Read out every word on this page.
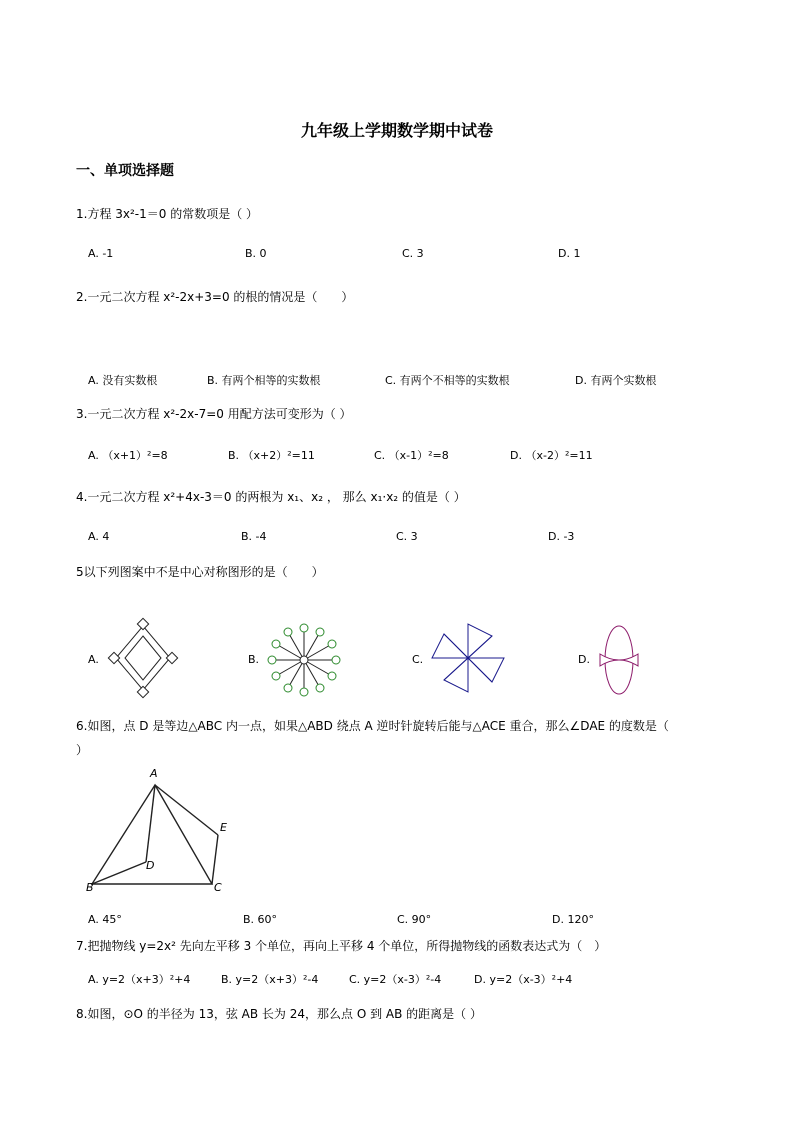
九年级上学期数学期中试卷
一、单项选择题
1.方程 3x²-1＝0 的常数项是（ ）
A. -1	B. 0	C. 3	D. 1
2.一元二次方程 x²-2x+3=0 的根的情况是（　　）
A. 没有实数根	B. 有两个相等的实数根	C. 有两个不相等的实数根	D. 有两个实数根
3.一元二次方程 x²-2x-7=0 用配方法可变形为（ ）
A. （x+1）²=8	B. （x+2）²=11	C. （x-1）²=8	D. （x-2）²=11
4.一元二次方程 x²+4x-3＝0 的两根为 x₁、x₂ ， 那么 x₁·x₂ 的值是（ ）
A. 4	B. -4	C. 3	D. -3
5以下列图案中不是中心对称图形的是（　　）
A.	B.	C.	D.
6.如图，点 D 是等边△ABC 内一点，如果△ABD 绕点 A 逆时针旋转后能与△ACE 重合，那么∠DAE 的度数是（
）
A
B	C
D
E
A. 45°	B. 60°	C. 90°	D. 120°
7.把抛物线 y=2x² 先向左平移 3 个单位，再向上平移 4 个单位，所得抛物线的函数表达式为（　）
A. y=2（x+3）²+4	B. y=2（x+3）²-4	C. y=2（x-3）²-4	D. y=2（x-3）²+4
8.如图，⊙O 的半径为 13，弦 AB 长为 24，那么点 O 到 AB 的距离是（ ）
